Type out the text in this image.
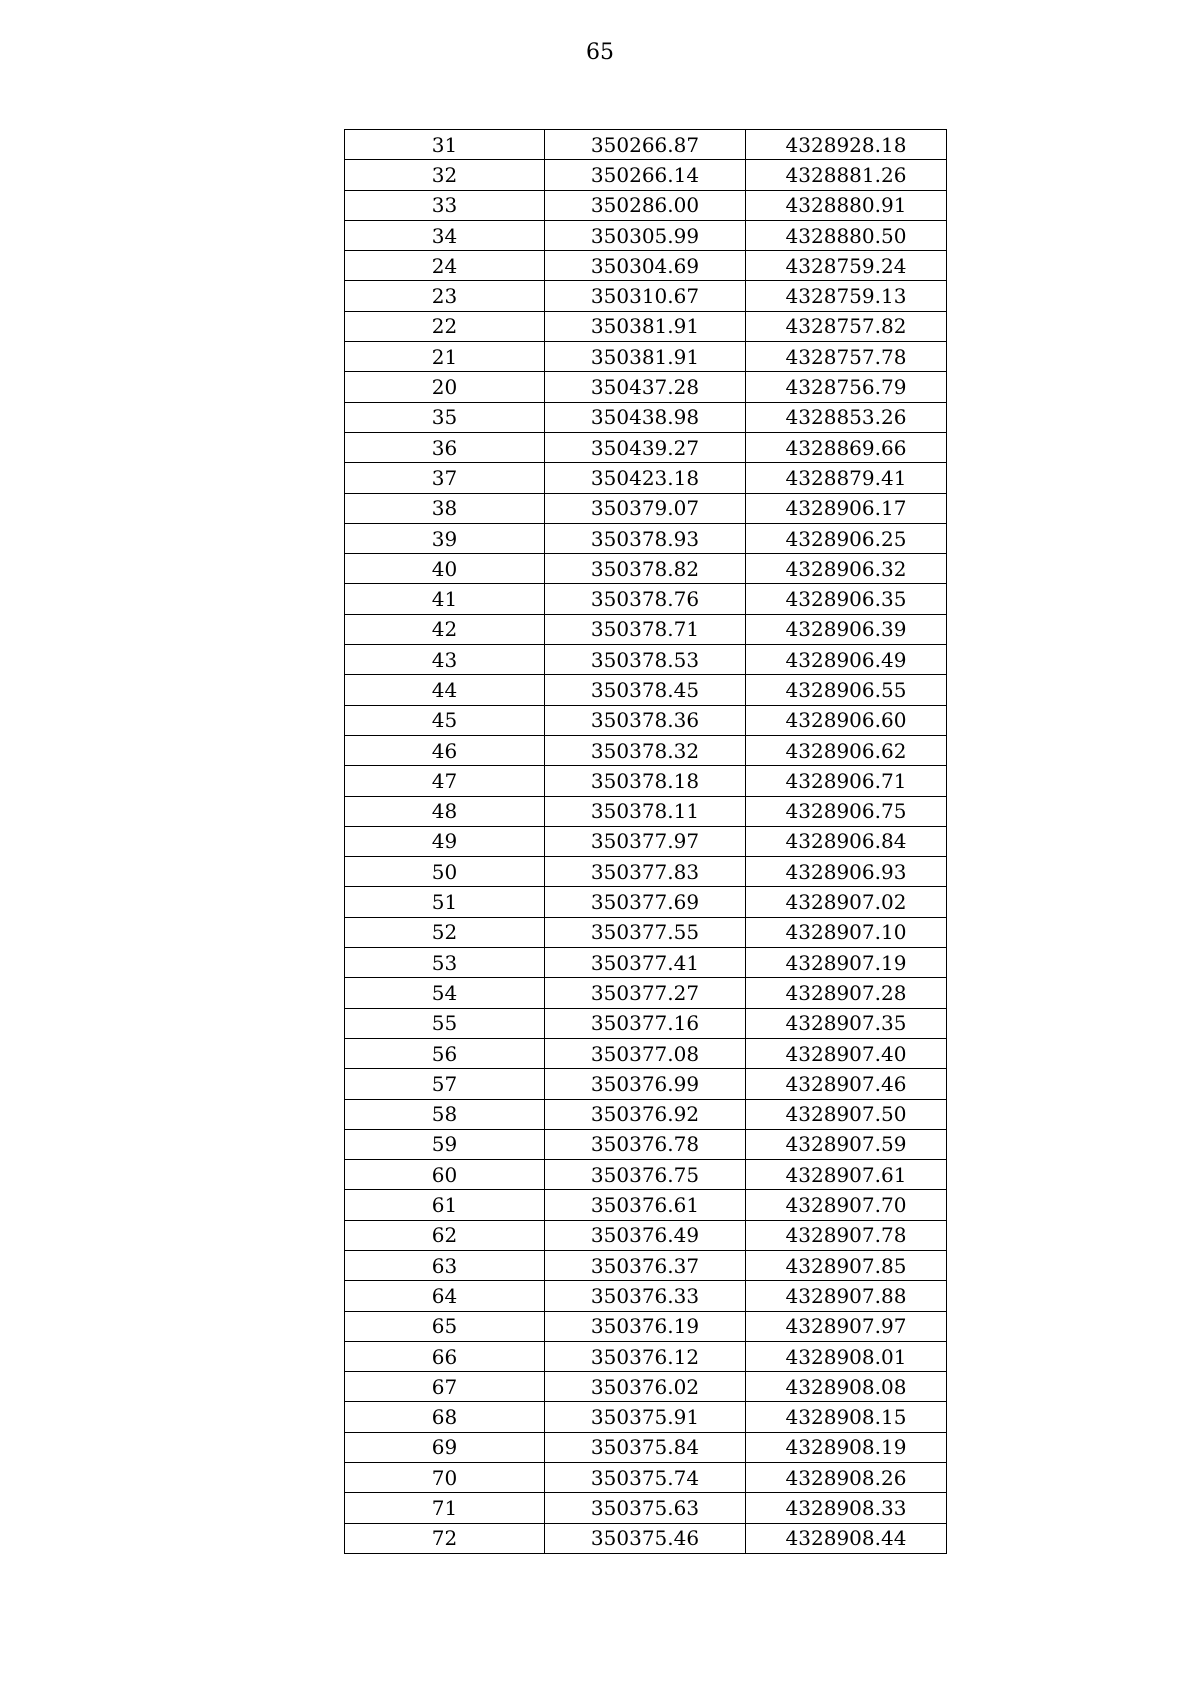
65
31	350266.87	4328928.18
32	350266.14	4328881.26
33	350286.00	4328880.91
34	350305.99	4328880.50
24	350304.69	4328759.24
23	350310.67	4328759.13
22	350381.91	4328757.82
21	350381.91	4328757.78
20	350437.28	4328756.79
35	350438.98	4328853.26
36	350439.27	4328869.66
37	350423.18	4328879.41
38	350379.07	4328906.17
39	350378.93	4328906.25
40	350378.82	4328906.32
41	350378.76	4328906.35
42	350378.71	4328906.39
43	350378.53	4328906.49
44	350378.45	4328906.55
45	350378.36	4328906.60
46	350378.32	4328906.62
47	350378.18	4328906.71
48	350378.11	4328906.75
49	350377.97	4328906.84
50	350377.83	4328906.93
51	350377.69	4328907.02
52	350377.55	4328907.10
53	350377.41	4328907.19
54	350377.27	4328907.28
55	350377.16	4328907.35
56	350377.08	4328907.40
57	350376.99	4328907.46
58	350376.92	4328907.50
59	350376.78	4328907.59
60	350376.75	4328907.61
61	350376.61	4328907.70
62	350376.49	4328907.78
63	350376.37	4328907.85
64	350376.33	4328907.88
65	350376.19	4328907.97
66	350376.12	4328908.01
67	350376.02	4328908.08
68	350375.91	4328908.15
69	350375.84	4328908.19
70	350375.74	4328908.26
71	350375.63	4328908.33
72	350375.46	4328908.44
